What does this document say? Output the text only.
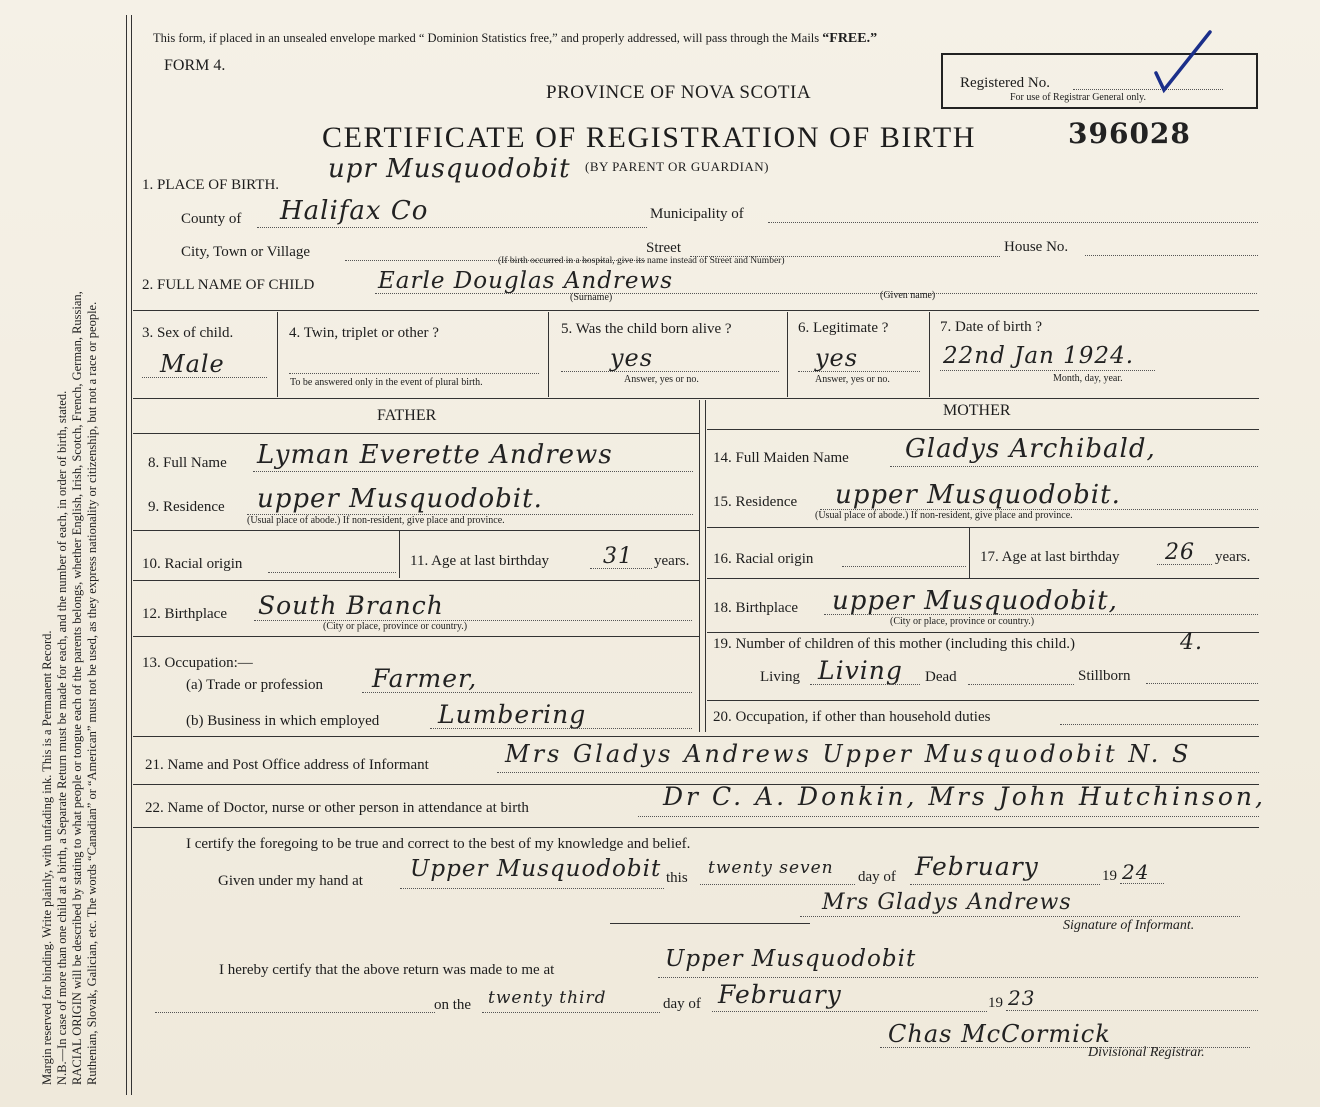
Margin reserved for binding. Write plainly, with unfading ink. This is a Permanent Record. N.B.—In case of more than one child at a birth, a Separate Return must be made for each, and the number of each, in order of birth, stated. RACIAL ORIGIN will be described by stating to what people or tongue each of the parents belongs, whether English, Irish, Scotch, French, German, Russian, Ruthenian, Slovak, Galician, etc. The words “Canadian” or “American” must not be used, as they express nationality or citizenship, but not a race or people.
This form, if placed in an unsealed envelope marked “ Dominion Statistics free,” and properly addressed, will pass through the Mails “FREE.”
FORM 4.
PROVINCE OF NOVA SCOTIA
CERTIFICATE OF REGISTRATION OF BIRTH	396028
(BY PARENT OR GUARDIAN)
Registered No.
For use of Registrar General only.
1. PLACE OF BIRTH.
upr Musquodobit
County of Halifax Co	Municipality of
City, Town or Village	Street	House No.
(If birth occurred in a hospital, give its name instead of Street and Number)
2. FULL NAME OF CHILD	Earle Douglas Andrews
(Surname)	(Given name)
3. Sex of child.
Male
4. Twin, triplet or other ?
To be answered only in the event of plural birth.
5. Was the child born alive ?
yes
Answer, yes or no.
6. Legitimate ?
yes
Answer, yes or no.
7. Date of birth ?
22nd Jan 1924.
Month, day, year.
FATHER	MOTHER
8. Full Name Lyman Everette Andrews	14. Full Maiden Name Gladys Archibald,
9. Residence upper Musquodobit.
(Usual place of abode.) If non-resident, give place and province.
15. Residence upper Musquodobit.
(Usual place of abode.) If non-resident, give place and province.
10. Racial origin	11. Age at last birthday 31 years. 16. Racial origin	17. Age at last birthday 26 years.
12. Birthplace South Branch
(City or place, province or country.)
18. Birthplace upper Musquodobit,
(City or place, province or country.)
13. Occupation:—
(a) Trade or profession Farmer,
(b) Business in which employed Lumbering
19. Number of children of this mother (including this child.)	4.
Living Living Dead	Stillborn
20. Occupation, if other than household duties
21. Name and Post Office address of Informant	Mrs Gladys Andrews Upper Musquodobit N. S
22. Name of Doctor, nurse or other person in attendance at birth	Dr C. A. Donkin, Mrs John Hutchinson,
I certify the foregoing to be true and correct to the best of my knowledge and belief.
Given under my hand at Upper Musquodobit this twenty seven day of February	19 24
Mrs Gladys Andrews
Signature of Informant.
I hereby certify that the above return was made to me at	Upper Musquodobit
on the twenty third	day of February	19 23
Chas McCormick
Divisional Registrar.
